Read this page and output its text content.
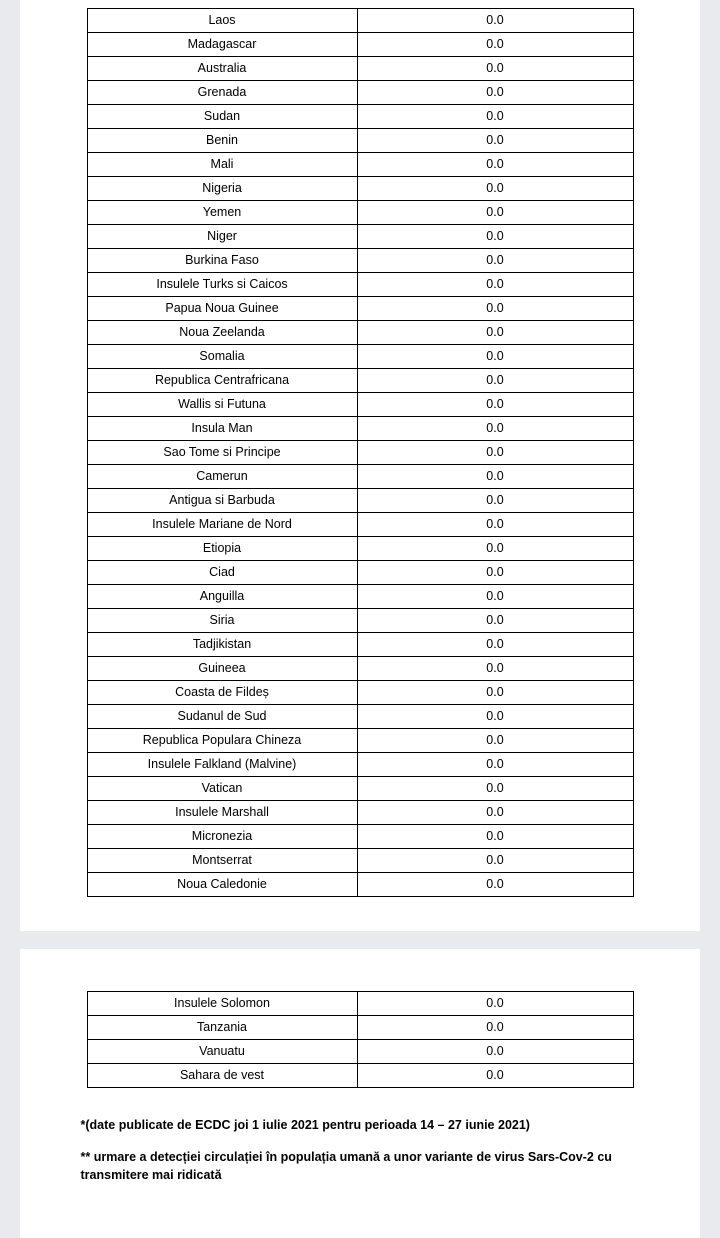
Laos	0.0
Madagascar	0.0
Australia	0.0
Grenada	0.0
Sudan	0.0
Benin	0.0
Mali	0.0
Nigeria	0.0
Yemen	0.0
Niger	0.0
Burkina Faso	0.0
Insulele Turks si Caicos	0.0
Papua Noua Guinee	0.0
Noua Zeelanda	0.0
Somalia	0.0
Republica Centrafricana	0.0
Wallis si Futuna	0.0
Insula Man	0.0
Sao Tome si Principe	0.0
Camerun	0.0
Antigua si Barbuda	0.0
Insulele Mariane de Nord	0.0
Etiopia	0.0
Ciad	0.0
Anguilla	0.0
Siria	0.0
Tadjikistan	0.0
Guineea	0.0
Coasta de Fildeș	0.0
Sudanul de Sud	0.0
Republica Populara Chineza	0.0
Insulele Falkland (Malvine)	0.0
Vatican	0.0
Insulele Marshall	0.0
Micronezia	0.0
Montserrat	0.0
Noua Caledonie	0.0
Insulele Solomon	0.0
Tanzania	0.0
Vanuatu	0.0
Sahara de vest	0.0
*(date publicate de ECDC joi 1 iulie 2021 pentru perioada 14 – 27 iunie 2021)
** urmare a detecției circulației în populația umană a unor variante de virus Sars-Cov-2 cu transmitere mai ridicată
